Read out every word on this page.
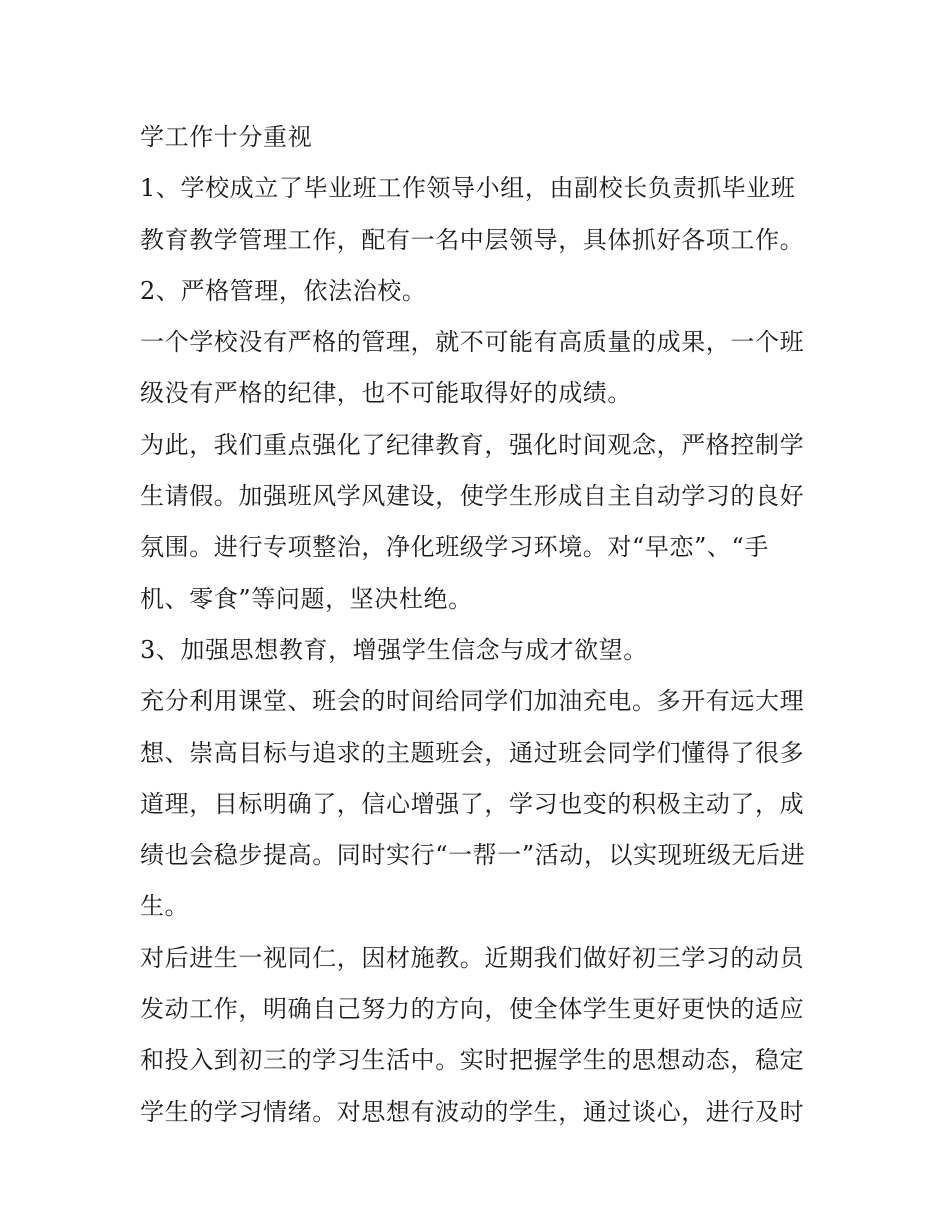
学工作十分重视
1、学校成立了毕业班工作领导小组，由副校长负责抓毕业班
教育教学管理工作，配有一名中层领导，具体抓好各项工作。
2、严格管理，依法治校。
一个学校没有严格的管理，就不可能有高质量的成果，一个班
级没有严格的纪律，也不可能取得好的成绩。
为此，我们重点强化了纪律教育，强化时间观念，严格控制学
生请假。加强班风学风建设，使学生形成自主自动学习的良好
氛围。进行专项整治，净化班级学习环境。对“早恋”、“手
机、零食”等问题，坚决杜绝。
3、加强思想教育，增强学生信念与成才欲望。
充分利用课堂、班会的时间给同学们加油充电。多开有远大理
想、崇高目标与追求的主题班会，通过班会同学们懂得了很多
道理，目标明确了，信心增强了，学习也变的积极主动了，成
绩也会稳步提高。同时实行“一帮一”活动，以实现班级无后进
生。
对后进生一视同仁，因材施教。近期我们做好初三学习的动员
发动工作，明确自己努力的方向，使全体学生更好更快的适应
和投入到初三的学习生活中。实时把握学生的思想动态，稳定
学生的学习情绪。对思想有波动的学生，通过谈心，进行及时
